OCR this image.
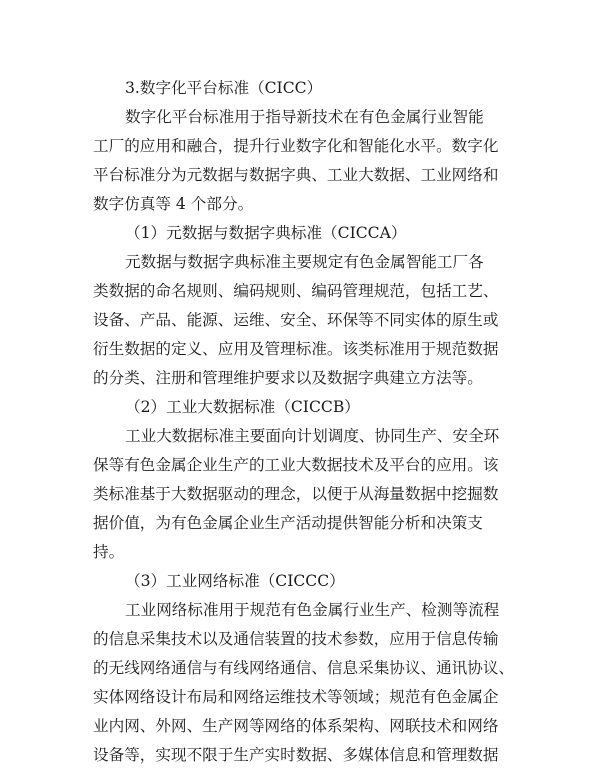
3.数字化平台标准（CICC）
数字化平台标准用于指导新技术在有色金属行业智能
工厂的应用和融合，提升行业数字化和智能化水平。数字化
平台标准分为元数据与数据字典、工业大数据、工业网络和
数字仿真等 4 个部分。
（1）元数据与数据字典标准（CICCA）
元数据与数据字典标准主要规定有色金属智能工厂各
类数据的命名规则、编码规则、编码管理规范，包括工艺、
设备、产品、能源、运维、安全、环保等不同实体的原生或
衍生数据的定义、应用及管理标准。该类标准用于规范数据
的分类、注册和管理维护要求以及数据字典建立方法等。
（2）工业大数据标准（CICCB）
工业大数据标准主要面向计划调度、协同生产、安全环
保等有色金属企业生产的工业大数据技术及平台的应用。该
类标准基于大数据驱动的理念，以便于从海量数据中挖掘数
据价值，为有色金属企业生产活动提供智能分析和决策支
持。
（3）工业网络标准（CICCC）
工业网络标准用于规范有色金属行业生产、检测等流程
的信息采集技术以及通信装置的技术参数，应用于信息传输
的无线网络通信与有线网络通信、信息采集协议、通讯协议、
实体网络设计布局和网络运维技术等领域；规范有色金属企
业内网、外网、生产网等网络的体系架构、网联技术和网络
设备等，实现不限于生产实时数据、多媒体信息和管理数据
